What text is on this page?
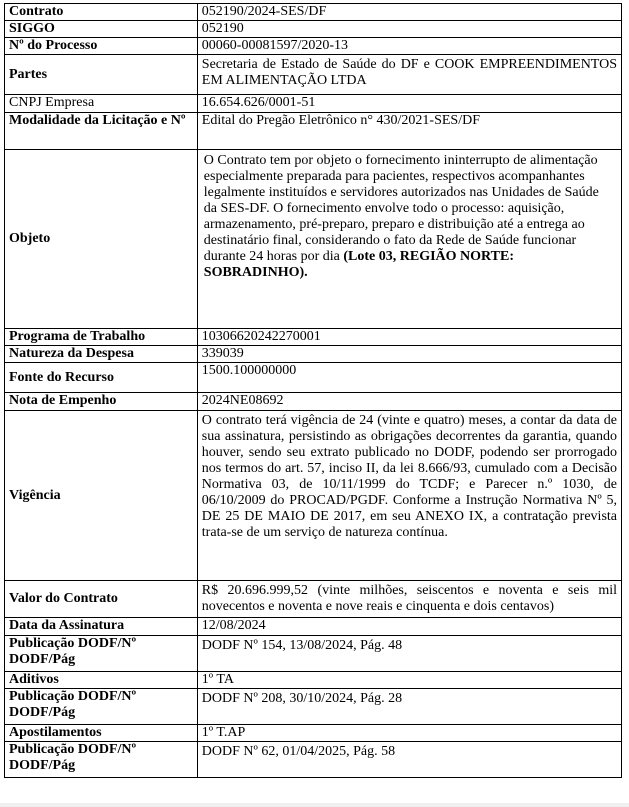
Contrato	052190/2024-SES/DF
SIGGO	052190
Nº do Processo	00060-00081597/2020-13
Partes	Secretaria de Estado de Saúde do DF e COOK EMPREENDIMENTOS EM ALIMENTAÇÃO LTDA
CNPJ Empresa	16.654.626/0001-51
Modalidade da Licitação e Nº	Edital do Pregão Eletrônico n° 430/2021-SES/DF
Objeto	O Contrato tem por objeto o fornecimento ininterrupto de alimentação especialmente preparada para pacientes, respectivos acompanhantes legalmente instituídos e servidores autorizados nas Unidades de Saúde da SES-DF. O fornecimento envolve todo o processo: aquisição, armazenamento, pré-preparo, preparo e distribuição até a entrega ao destinatário final, considerando o fato da Rede de Saúde funcionar durante 24 horas por dia (Lote 03, REGIÃO NORTE: SOBRADINHO).
Programa de Trabalho	10306620242270001
Natureza da Despesa	339039
Fonte do Recurso	1500.100000000
Nota de Empenho	2024NE08692
Vigência	O contrato terá vigência de 24 (vinte e quatro) meses, a contar da data de sua assinatura, persistindo as obrigações decorrentes da garantia, quando houver, sendo seu extrato publicado no DODF, podendo ser prorrogado nos termos do art. 57, inciso II, da lei 8.666/93, cumulado com a Decisão Normativa 03, de 10/11/1999 do TCDF; e Parecer n.º 1030, de 06/10/2009 do PROCAD/PGDF. Conforme a Instrução Normativa Nº 5, DE 25 DE MAIO DE 2017, em seu ANEXO IX, a contratação prevista trata-se de um serviço de natureza contínua.
Valor do Contrato	R$ 20.696.999,52 (vinte milhões, seiscentos e noventa e seis mil novecentos e noventa e nove reais e cinquenta e dois centavos)
Data da Assinatura	12/08/2024
Publicação DODF/Nº DODF/Pág	DODF Nº 154, 13/08/2024, Pág. 48
Aditivos	1º TA
Publicação DODF/Nº DODF/Pág	DODF Nº 208, 30/10/2024, Pág. 28
Apostilamentos	1º T.AP
Publicação DODF/Nº DODF/Pág	DODF Nº 62, 01/04/2025, Pág. 58
